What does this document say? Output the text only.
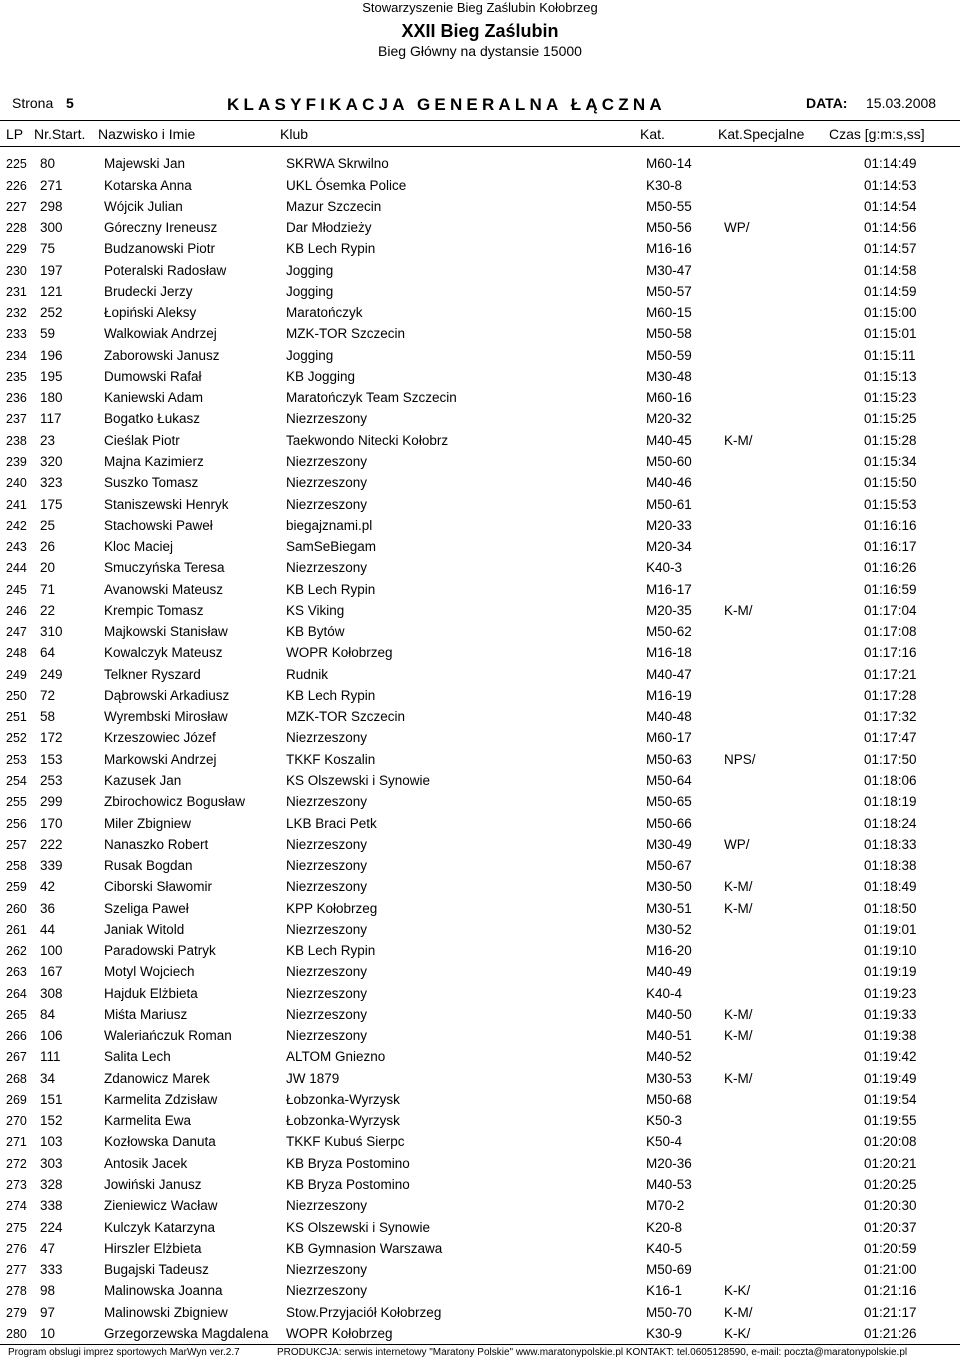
Stowarzyszenie Bieg Zaślubin Kołobrzeg
XXII Bieg Zaślubin
Bieg Główny na dystansie 15000
Strona 5	KLASYFIKACJA GENERALNA ŁĄCZNA	DATA: 15.03.2008
LP Nr.Start. Nazwisko i Imie	Klub	Kat.	Kat.Specjalne Czas [g:m:s,ss]
225	80	Majewski Jan	SKRWA Skrwilno	M60-14		01:14:49
226	271	Kotarska Anna	UKL Ósemka Police	K30-8		01:14:53
227	298	Wójcik Julian	Mazur Szczecin	M50-55		01:14:54
228	300	Góreczny Ireneusz	Dar Młodzieży	M50-56	WP/	01:14:56
229	75	Budzanowski Piotr	KB Lech Rypin	M16-16		01:14:57
230	197	Poteralski Radosław	Jogging	M30-47		01:14:58
231	121	Brudecki Jerzy	Jogging	M50-57		01:14:59
232	252	Łopiński Aleksy	Maratończyk	M60-15		01:15:00
233	59	Walkowiak Andrzej	MZK-TOR Szczecin	M50-58		01:15:01
234	196	Zaborowski Janusz	Jogging	M50-59		01:15:11
235	195	Dumowski Rafał	KB Jogging	M30-48		01:15:13
236	180	Kaniewski Adam	Maratończyk Team Szczecin	M60-16		01:15:23
237	117	Bogatko Łukasz	Niezrzeszony	M20-32		01:15:25
238	23	Cieślak Piotr	Taekwondo Nitecki Kołobrz	M40-45	K-M/	01:15:28
239	320	Majna Kazimierz	Niezrzeszony	M50-60		01:15:34
240	323	Suszko Tomasz	Niezrzeszony	M40-46		01:15:50
241	175	Staniszewski Henryk	Niezrzeszony	M50-61		01:15:53
242	25	Stachowski Paweł	biegajznami.pl	M20-33		01:16:16
243	26	Kloc Maciej	SamSeBiegam	M20-34		01:16:17
244	20	Smuczyńska Teresa	Niezrzeszony	K40-3		01:16:26
245	71	Avanowski Mateusz	KB Lech Rypin	M16-17		01:16:59
246	22	Krempic Tomasz	KS Viking	M20-35	K-M/	01:17:04
247	310	Majkowski Stanisław	KB Bytów	M50-62		01:17:08
248	64	Kowalczyk Mateusz	WOPR Kołobrzeg	M16-18		01:17:16
249	249	Telkner Ryszard	Rudnik	M40-47		01:17:21
250	72	Dąbrowski Arkadiusz	KB Lech Rypin	M16-19		01:17:28
251	58	Wyrembski Mirosław	MZK-TOR Szczecin	M40-48		01:17:32
252	172	Krzeszowiec Józef	Niezrzeszony	M60-17		01:17:47
253	153	Markowski Andrzej	TKKF Koszalin	M50-63	NPS/	01:17:50
254	253	Kazusek Jan	KS Olszewski i Synowie	M50-64		01:18:06
255	299	Zbirochowicz Bogusław	Niezrzeszony	M50-65		01:18:19
256	170	Miler Zbigniew	LKB Braci Petk	M50-66		01:18:24
257	222	Nanaszko Robert	Niezrzeszony	M30-49	WP/	01:18:33
258	339	Rusak Bogdan	Niezrzeszony	M50-67		01:18:38
259	42	Ciborski Sławomir	Niezrzeszony	M30-50	K-M/	01:18:49
260	36	Szeliga Paweł	KPP Kołobrzeg	M30-51	K-M/	01:18:50
261	44	Janiak Witold	Niezrzeszony	M30-52		01:19:01
262	100	Paradowski Patryk	KB Lech Rypin	M16-20		01:19:10
263	167	Motyl Wojciech	Niezrzeszony	M40-49		01:19:19
264	308	Hajduk Elżbieta	Niezrzeszony	K40-4		01:19:23
265	84	Miśta Mariusz	Niezrzeszony	M40-50	K-M/	01:19:33
266	106	Waleriańczuk Roman	Niezrzeszony	M40-51	K-M/	01:19:38
267	111	Salita Lech	ALTOM Gniezno	M40-52		01:19:42
268	34	Zdanowicz Marek	JW 1879	M30-53	K-M/	01:19:49
269	151	Karmelita Zdzisław	Łobzonka-Wyrzysk	M50-68		01:19:54
270	152	Karmelita Ewa	Łobzonka-Wyrzysk	K50-3		01:19:55
271	103	Kozłowska Danuta	TKKF Kubuś Sierpc	K50-4		01:20:08
272	303	Antosik Jacek	KB Bryza Postomino	M20-36		01:20:21
273	328	Jowiński Janusz	KB Bryza Postomino	M40-53		01:20:25
274	338	Zieniewicz Wacław	Niezrzeszony	M70-2		01:20:30
275	224	Kulczyk Katarzyna	KS Olszewski i Synowie	K20-8		01:20:37
276	47	Hirszler Elżbieta	KB Gymnasion Warszawa	K40-5		01:20:59
277	333	Bugajski Tadeusz	Niezrzeszony	M50-69		01:21:00
278	98	Malinowska Joanna	Niezrzeszony	K16-1	K-K/	01:21:16
279	97	Malinowski Zbigniew	Stow.Przyjaciół Kołobrzeg	M50-70	K-M/	01:21:17
280	10	Grzegorzewska Magdalena	WOPR Kołobrzeg	K30-9	K-K/	01:21:26
Program obslugi imprez sportowych MarWyn ver.2.7	PRODUKCJA: serwis internetowy "Maratony Polskie" www.maratonypolskie.pl KONTAKT: tel.0605128590, e-mail: poczta@maratonypolskie.pl
